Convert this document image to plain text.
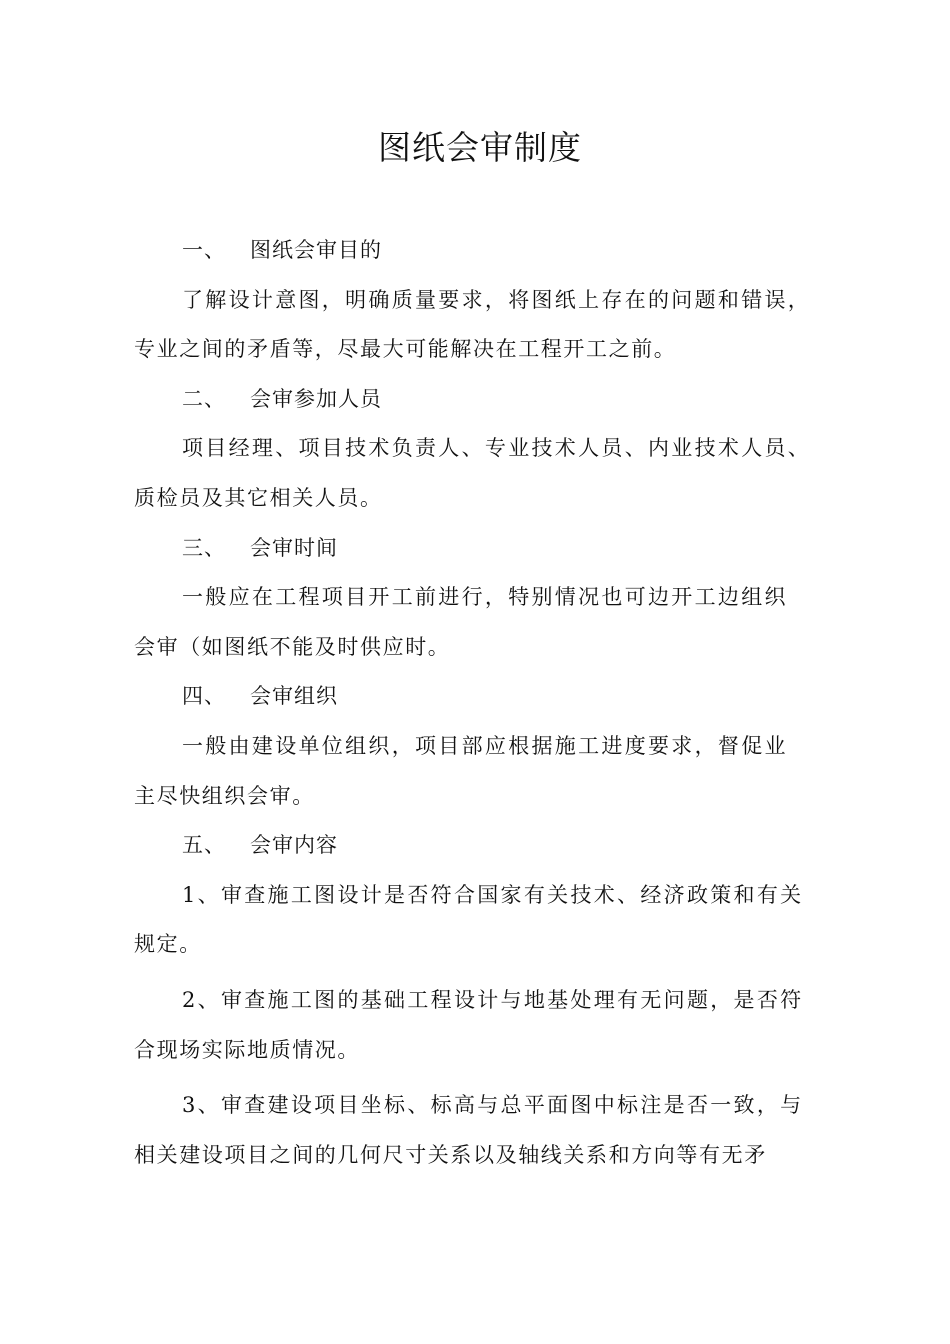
图纸会审制度
一、 图纸会审目的
了解设计意图，明确质量要求，将图纸上存在的问题和错误，
专业之间的矛盾等，尽最大可能解决在工程开工之前。
二、 会审参加人员
项目经理、项目技术负责人、专业技术人员、内业技术人员、
质检员及其它相关人员。
三、 会审时间
一般应在工程项目开工前进行，特别情况也可边开工边组织
会审（如图纸不能及时供应时。
四、 会审组织
一般由建设单位组织，项目部应根据施工进度要求，督促业
主尽快组织会审。
五、 会审内容
1、审查施工图设计是否符合国家有关技术、经济政策和有关
规定。
2、审查施工图的基础工程设计与地基处理有无问题，是否符
合现场实际地质情况。
3、审查建设项目坐标、标高与总平面图中标注是否一致，与
相关建设项目之间的几何尺寸关系以及轴线关系和方向等有无矛
